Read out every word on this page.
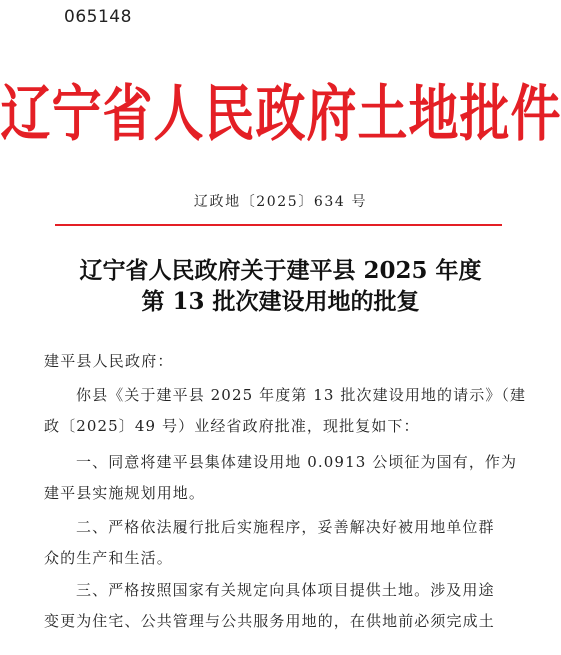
065148
辽宁省人民政府土地批件
辽政地〔2025〕634 号
辽宁省人民政府关于建平县 2025 年度
第 13 批次建设用地的批复
建平县人民政府：
你县《关于建平县 2025 年度第 13 批次建设用地的请示》（建
政〔2025〕49 号）业经省政府批准，现批复如下：
一、同意将建平县集体建设用地 0.0913 公顷征为国有，作为
建平县实施规划用地。
二、严格依法履行批后实施程序，妥善解决好被用地单位群
众的生产和生活。
三、严格按照国家有关规定向具体项目提供土地。涉及用途
变更为住宅、公共管理与公共服务用地的，在供地前必须完成土
